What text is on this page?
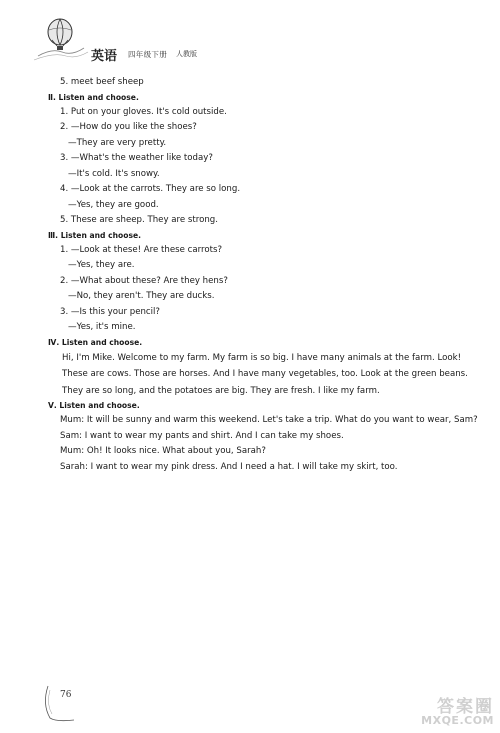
英语 四年级下册 人教版
5. meet beef sheep
Ⅱ. Listen and choose.
1. Put on your gloves. It's cold outside.
2. —How do you like the shoes?
—They are very pretty.
3. —What's the weather like today?
—It's cold. It's snowy.
4. —Look at the carrots. They are so long.
—Yes, they are good.
5. These are sheep. They are strong.
Ⅲ. Listen and choose.
1. —Look at these! Are these carrots?
—Yes, they are.
2. —What about these? Are they hens?
—No, they aren't. They are ducks.
3. —Is this your pencil?
—Yes, it's mine.
Ⅳ. Listen and choose.
Hi, I'm Mike. Welcome to my farm. My farm is so big. I have many animals at the farm. Look! These are cows. Those are horses. And I have many vegetables, too. Look at the green beans. They are so long, and the potatoes are big. They are fresh. I like my farm.
Ⅴ. Listen and choose.
Mum: It will be sunny and warm this weekend. Let's take a trip. What do you want to wear, Sam?
Sam: I want to wear my pants and shirt. And I can take my shoes.
Mum: Oh! It looks nice. What about you, Sarah?
Sarah: I want to wear my pink dress. And I need a hat. I will take my skirt, too.
76
答案圈
MXQE.COM
